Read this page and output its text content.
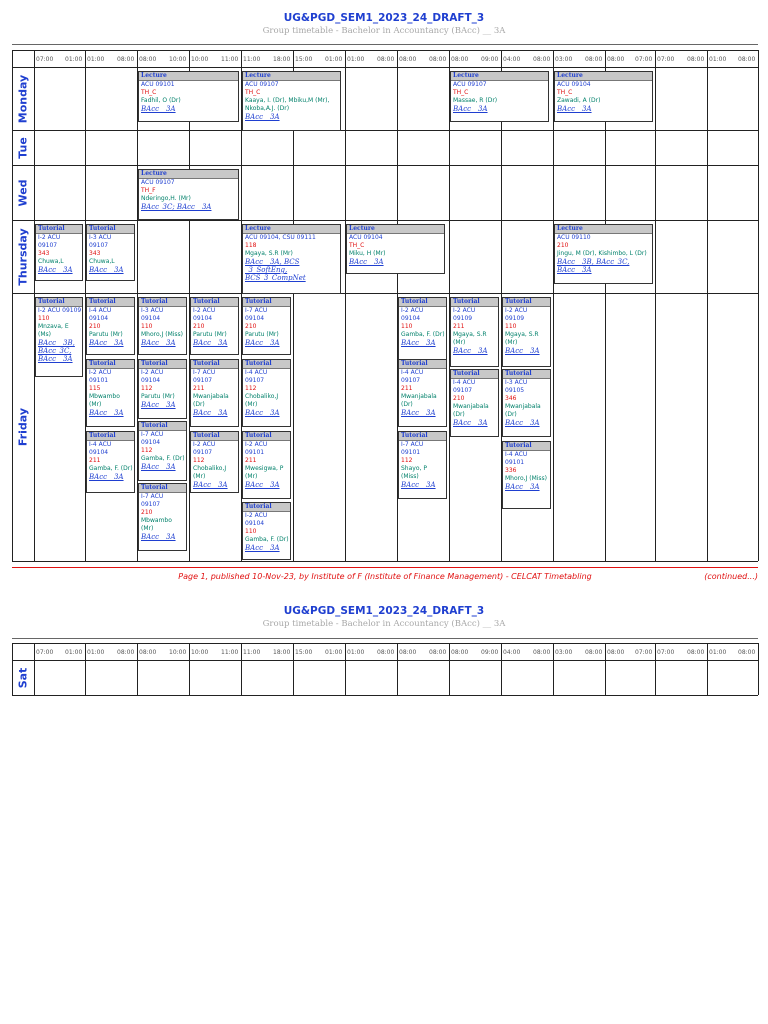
UG&PGD_SEM1_2023_24_DRAFT_3
Group timetable - Bachelor in Accountancy (BAcc) __ 3A
07:00 01:00 01:00 08:00 08:00 10:00 10:00 11:00 11:00 18:00 15:00 01:00 01:00 08:00 08:00 08:00 08:00 09:00 04:00 08:00 03:00 08:00 08:00 07:00 07:00 08:00 01:00 08:00
Monday
Tue
Wed
Thursday
Friday
Lecture
ACU 09101
TH_C
Fadhil, O (Dr)
BAcc__3A
Lecture
ACU 09107
TH_C
Kaaya, I. (Dr), Mbiku,M (Mr),
Nkoba,A.J. (Dr)
BAcc__3A
Lecture
ACU 09107
TH_C
Massae, R (Dr)
BAcc__3A
Lecture
ACU 09104
TH_C
Zawadi, A (Dr)
BAcc__3A
Lecture
ACU 09107
TH_F
Nderingo,H. (Mr)
BAcc_3C; BAcc__3A
Tutorial
I-2 ACU
09107
343
Chuwa,L
BAcc__3A
Tutorial
I-3 ACU
09107
343
Chuwa,L
BAcc__3A
Lecture
ACU 09104, CSU 09111
118
Mgaya, S.R (Mr)
BAcc__3A, BCS
_3_SoftEng,
BCS_3_CompNet
Lecture
ACU 09104
TH_C
Miku, H (Mr)
BAcc__3A
Lecture
ACU 09110
210
Jingu, M (Dr), Kishimbo, L (Dr)
BAcc__3B, BAcc_3C,
BAcc__3A
Tutorial
I-2 ACU 09109
110
Mnzava, E
(Ms)
BAcc__3B,
BAcc_3C,
BAcc__3A
Tutorial
I-4 ACU
09104
210
Parutu (Mr)
BAcc__3A
Tutorial
I-3 ACU
09104
110
Mhoro,J (Miss)
BAcc__3A
Tutorial
I-2 ACU
09104
210
Parutu (Mr)
BAcc__3A
Tutorial
I-7 ACU
09104
210
Parutu (Mr)
BAcc__3A
Tutorial
I-2 ACU
09104
110
Gamba, F. (Dr)
BAcc__3A
Tutorial
I-2 ACU
09109
211
Mgaya, S.R
(Mr)
BAcc__3A
Tutorial
I-2 ACU
09109
110
Mgaya, S.R
(Mr)
BAcc__3A
Tutorial
I-2 ACU
09101
115
Mbwambo
(Mr)
BAcc__3A
Tutorial
I-2 ACU
09104
112
Parutu (Mr)
BAcc__3A
Tutorial
I-7 ACU
09107
211
Mwanjabala
(Dr)
BAcc__3A
Tutorial
I-4 ACU
09107
112
Chobaliko,J
(Mr)
BAcc__3A
Tutorial
I-4 ACU
09107
211
Mwanjabala
(Dr)
BAcc__3A
Tutorial
I-4 ACU
09107
210
Mwanjabala
(Dr)
BAcc__3A
Tutorial
I-3 ACU
09105
346
Mwanjabala
(Dr)
BAcc__3A
Tutorial
I-7 ACU
09104
112
Gamba, F. (Dr)
BAcc__3A
Tutorial
I-4 ACU
09104
211
Gamba, F. (Dr)
BAcc__3A
Tutorial
I-2 ACU
09107
112
Chobaliko,J
(Mr)
BAcc__3A
Tutorial
I-2 ACU
09101
211
Mwesigwa, P
(Mr)
BAcc__3A
Tutorial
I-7 ACU
09101
112
Shayo, P
(Miss)
BAcc__3A
Tutorial
I-4 ACU
09101
336
Mhoro,J (Miss)
BAcc__3A
Tutorial
I-7 ACU
09107
210
Mbwambo
(Mr)
BAcc__3A
Tutorial
I-2 ACU
09104
110
Gamba, F. (Dr)
BAcc__3A
Page 1, published 10-Nov-23, by Institute of F (Institute of Finance Management) - CELCAT Timetabling	(continued...)
UG&PGD_SEM1_2023_24_DRAFT_3
Group timetable - Bachelor in Accountancy (BAcc) __ 3A
07:00 01:00 01:00 08:00 08:00 10:00 10:00 11:00 11:00 18:00 15:00 01:00 01:00 08:00 08:00 08:00 08:00 09:00 04:00 08:00 03:00 08:00 08:00 07:00 07:00 08:00 01:00 08:00
Sat
